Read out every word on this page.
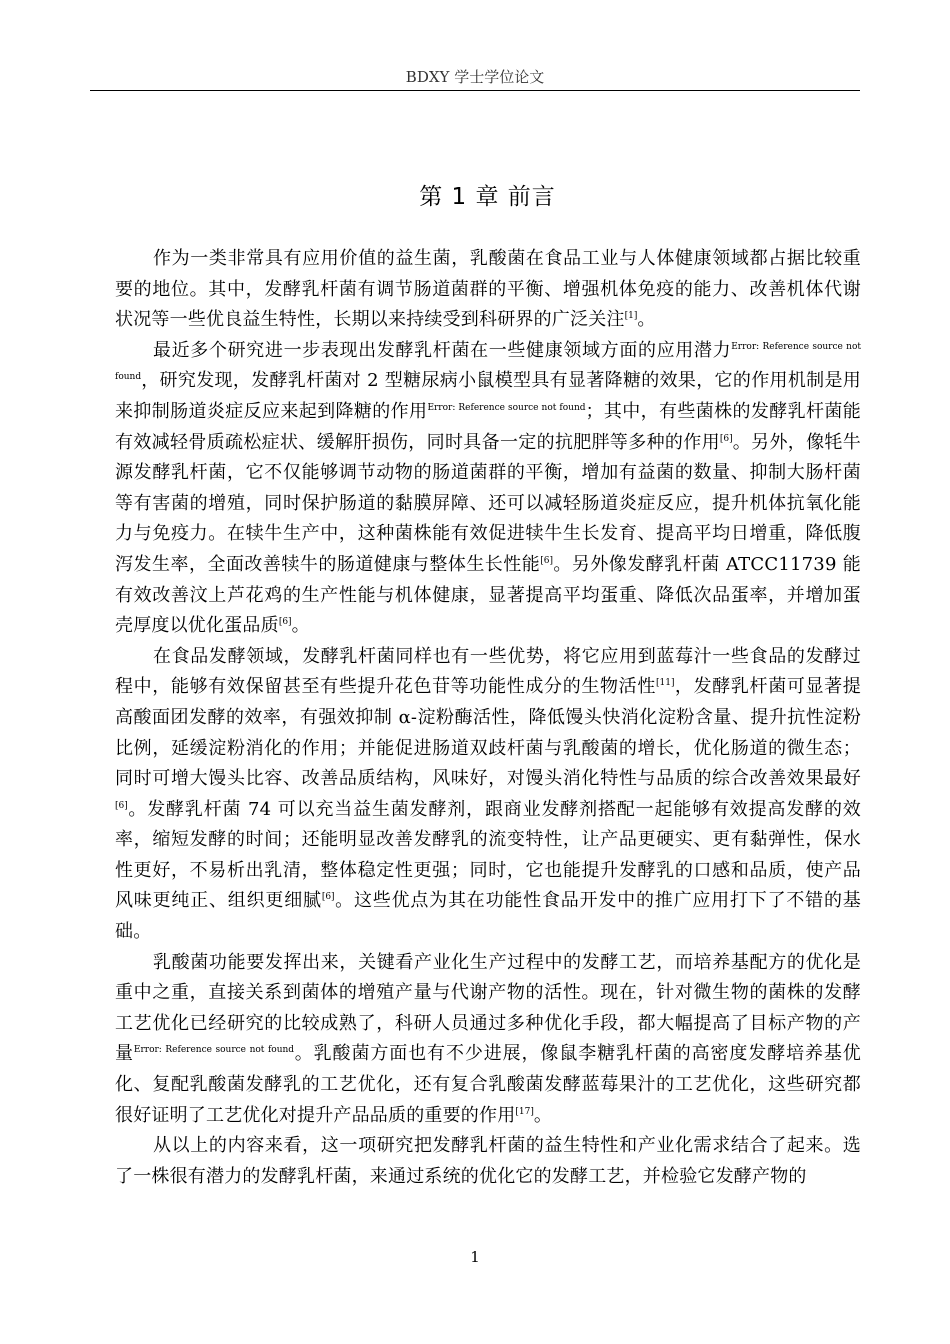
BDXY 学士学位论文
第 1 章 前言

作为一类非常具有应用价值的益生菌，乳酸菌在食品工业与人体健康领域都占据比较重要的地位。其中，发酵乳杆菌有调节肠道菌群的平衡、增强机体免疫的能力、改善机体代谢状况等一些优良益生特性，长期以来持续受到科研界的广泛关注[1]。

最近多个研究进一步表现出发酵乳杆菌在一些健康领域方面的应用潜力$^{Error: Reference source not found}$，研究发现，发酵乳杆菌对 2 型糖尿病小鼠模型具有显著降糖的效果，它的作用机制是用来抑制肠道炎症反应来起到降糖的作用$^{Error: Reference source not found}$；其中，有些菌株的发酵乳杆菌能有效减轻骨质疏松症状、缓解肝损伤，同时具备一定的抗肥胖等多种的作用[6]。另外，像牦牛源发酵乳杆菌，它不仅能够调节动物的肠道菌群的平衡，增加有益菌的数量、抑制大肠杆菌等有害菌的增殖，同时保护肠道的黏膜屏障、还可以减轻肠道炎症反应，提升机体抗氧化能力与免疫力。在犊牛生产中，这种菌株能有效促进犊牛生长发育、提高平均日增重，降低腹泻发生率，全面改善犊牛的肠道健康与整体生长性能[6]。另外像发酵乳杆菌 ATCC11739 能有效改善汶上芦花鸡的生产性能与机体健康，显著提高平均蛋重、降低次品蛋率，并增加蛋壳厚度以优化蛋品质[6]。

在食品发酵领域，发酵乳杆菌同样也有一些优势，将它应用到蓝莓汁一些食品的发酵过程中，能够有效保留甚至有些提升花色苷等功能性成分的生物活性[11]，发酵乳杆菌可显著提高酸面团发酵的效率，有强效抑制 α-淀粉酶活性，降低馒头快消化淀粉含量、提升抗性淀粉比例，延缓淀粉消化的作用；并能促进肠道双歧杆菌与乳酸菌的增长，优化肠道的微生态；同时可增大馒头比容、改善品质结构，风味好，对馒头消化特性与品质的综合改善效果最好[6]。发酵乳杆菌 74 可以充当益生菌发酵剂，跟商业发酵剂搭配一起能够有效提高发酵的效率，缩短发酵的时间；还能明显改善发酵乳的流变特性，让产品更硬实、更有黏弹性，保水性更好，不易析出乳清，整体稳定性更强；同时，它也能提升发酵乳的口感和品质，使产品风味更纯正、组织更细腻[6]。这些优点为其在功能性食品开发中的推广应用打下了不错的基础。

乳酸菌功能要发挥出来，关键看产业化生产过程中的发酵工艺，而培养基配方的优化是重中之重，直接关系到菌体的增殖产量与代谢产物的活性。现在，针对微生物的菌株的发酵工艺优化已经研究的比较成熟了，科研人员通过多种优化手段，都大幅提高了目标产物的产量$^{Error: Reference source not found}$。乳酸菌方面也有不少进展，像鼠李糖乳杆菌的高密度发酵培养基优化、复配乳酸菌发酵乳的工艺优化，还有复合乳酸菌发酵蓝莓果汁的工艺优化，这些研究都很好证明了工艺优化对提升产品品质的重要的作用[17]。

从以上的内容来看，这一项研究把发酵乳杆菌的益生特性和产业化需求结合了起来。选了一株很有潜力的发酵乳杆菌，来通过系统的优化它的发酵工艺，并检验它发酵产物的

1
